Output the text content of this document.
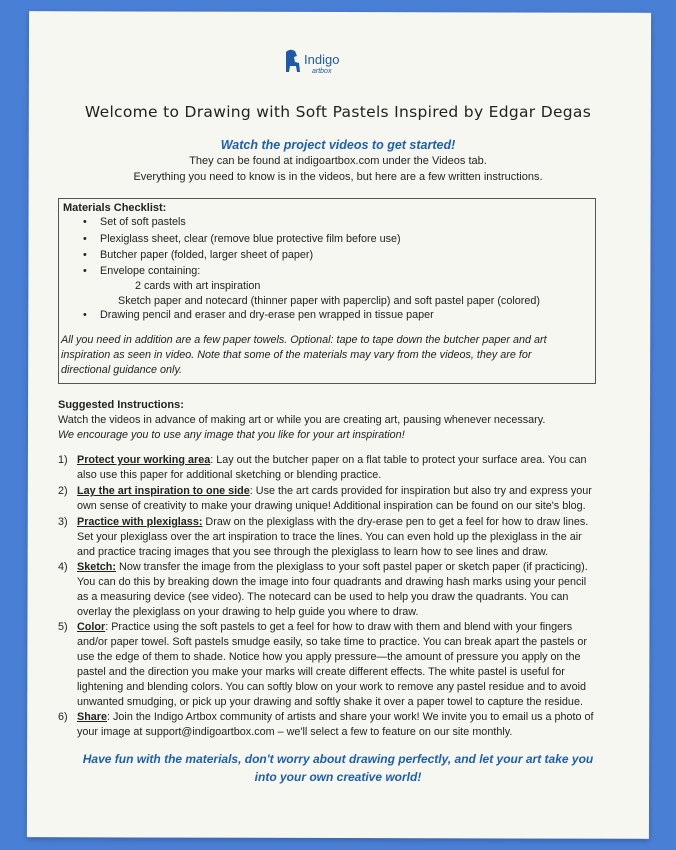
Indigo
artbox
Welcome to Drawing with Soft Pastels Inspired by Edgar Degas
Watch the project videos to get started!
They can be found at indigoartbox.com under the Videos tab.
Everything you need to know is in the videos, but here are a few written instructions.
Materials Checklist:
• Set of soft pastels
• Plexiglass sheet, clear (remove blue protective film before use)
• Butcher paper (folded, larger sheet of paper)
• Envelope containing:
2 cards with art inspiration
Sketch paper and notecard (thinner paper with paperclip) and soft pastel paper (colored)
• Drawing pencil and eraser and dry-erase pen wrapped in tissue paper
All you need in addition are a few paper towels. Optional: tape to tape down the butcher paper and art
inspiration as seen in video. Note that some of the materials may vary from the videos, they are for
directional guidance only.
Suggested Instructions:
Watch the videos in advance of making art or while you are creating art, pausing whenever necessary.
We encourage you to use any image that you like for your art inspiration!
1) Protect your working area: Lay out the butcher paper on a flat table to protect your surface area. You can
also use this paper for additional sketching or blending practice.
2) Lay the art inspiration to one side: Use the art cards provided for inspiration but also try and express your
own sense of creativity to make your drawing unique! Additional inspiration can be found on our site's blog.
3) Practice with plexiglass: Draw on the plexiglass with the dry-erase pen to get a feel for how to draw lines.
Set your plexiglass over the art inspiration to trace the lines. You can even hold up the plexiglass in the air
and practice tracing images that you see through the plexiglass to learn how to see lines and draw.
4) Sketch: Now transfer the image from the plexiglass to your soft pastel paper or sketch paper (if practicing).
You can do this by breaking down the image into four quadrants and drawing hash marks using your pencil
as a measuring device (see video). The notecard can be used to help you draw the quadrants. You can
overlay the plexiglass on your drawing to help guide you where to draw.
5) Color: Practice using the soft pastels to get a feel for how to draw with them and blend with your fingers
and/or paper towel. Soft pastels smudge easily, so take time to practice. You can break apart the pastels or
use the edge of them to shade. Notice how you apply pressure—the amount of pressure you apply on the
pastel and the direction you make your marks will create different effects. The white pastel is useful for
lightening and blending colors. You can softly blow on your work to remove any pastel residue and to avoid
unwanted smudging, or pick up your drawing and softly shake it over a paper towel to capture the residue.
6) Share: Join the Indigo Artbox community of artists and share your work! We invite you to email us a photo of
your image at support@indigoartbox.com – we'll select a few to feature on our site monthly.
Have fun with the materials, don't worry about drawing perfectly, and let your art take you
into your own creative world!
